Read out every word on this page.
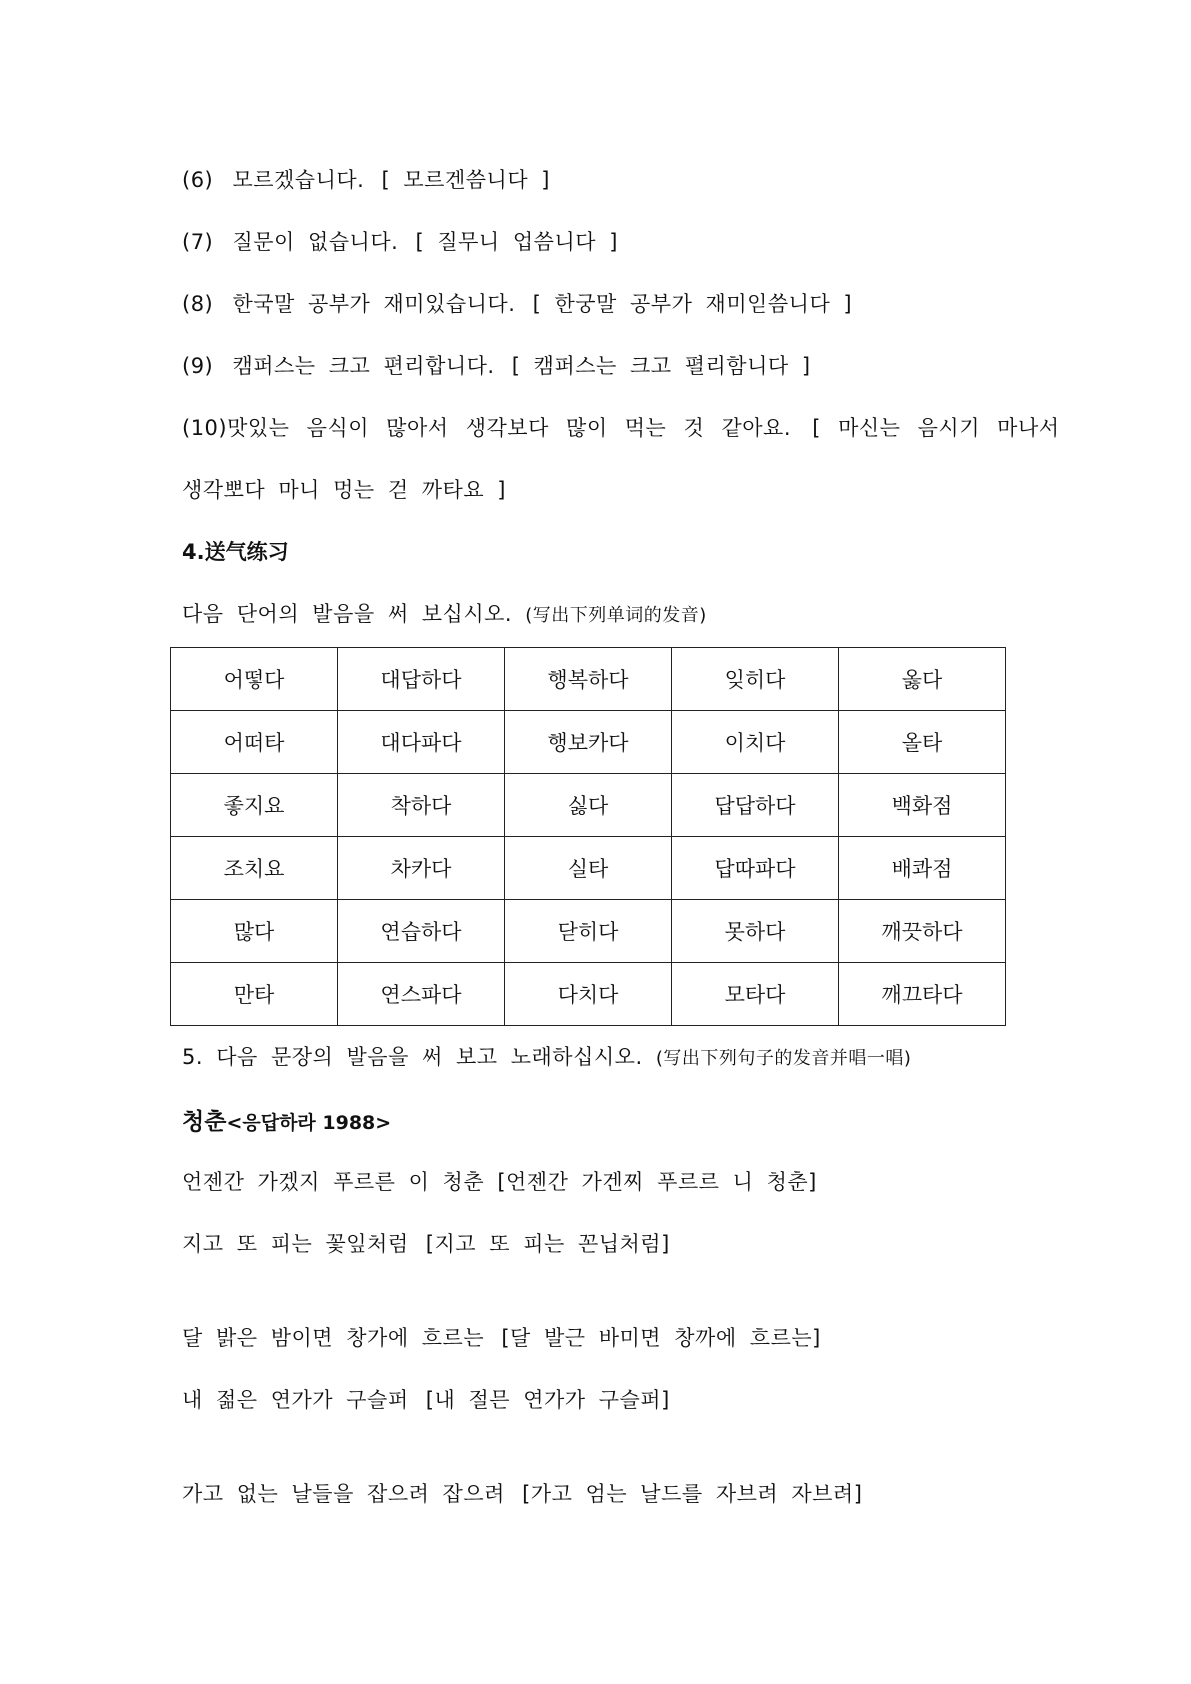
(6) 모르겠습니다. [ 모르겐씀니다 ]
(7) 질문이 없습니다. [ 질무니 업씀니다 ]
(8) 한국말 공부가 재미있습니다. [ 한궁말 공부가 재미읻씀니다 ]
(9) 캠퍼스는 크고 편리합니다. [ 캠퍼스는 크고 펼리함니다 ]
(10)맛있는 음식이 많아서 생각보다 많이 먹는 것 같아요. [ 마신는 음시기 마나서
생각뽀다 마니 멍는 걷 까타요 ]
4.送气练习
다음 단어의 발음을 써 보십시오. (写出下列单词的发音)
어떻다	대답하다	행복하다	잊히다	옳다
어떠타	대다파다	행보카다	이치다	올타
좋지요	착하다	싫다	답답하다	백화점
조치요	차카다	실타	답따파다	배콰점
많다	연습하다	닫히다	못하다	깨끗하다
만타	연스파다	다치다	모타다	깨끄타다
5. 다음 문장의 발음을 써 보고 노래하십시오. (写出下列句子的发音并唱一唱)
청춘<응답하라 1988>
언젠간 가겠지 푸르른 이 청춘 [언젠간 가겐찌 푸르르 니 청춘]
지고 또 피는 꽃잎처럼 [지고 또 피는 꼰닙처럼]
달 밝은 밤이면 창가에 흐르는 [달 발근 바미면 창까에 흐르는]
내 젊은 연가가 구슬퍼 [내 절믄 연가가 구슬퍼]
가고 없는 날들을 잡으려 잡으려 [가고 엄는 날드를 자브려 자브려]
